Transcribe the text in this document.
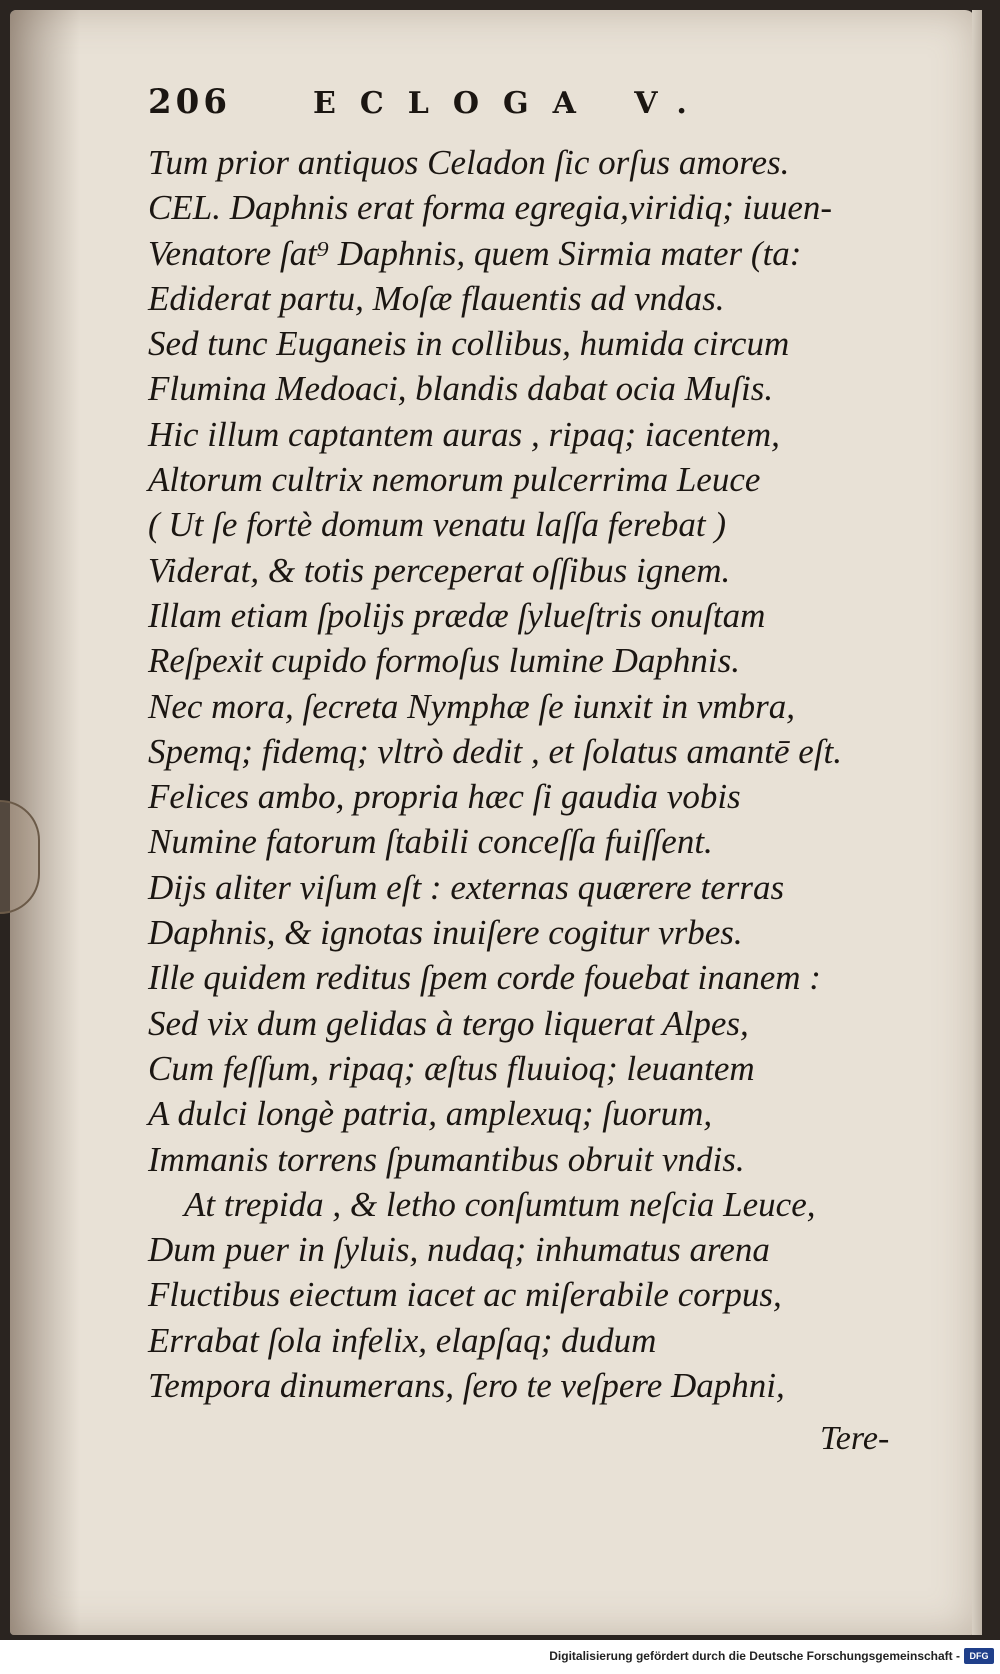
206	ECLOGA V.
Tum prior antiquos Celadon ſic orſus amores.
CEL. Daphnis erat forma egregia,viridiq; iuuen-
Venatore ſat⁹ Daphnis, quem Sirmia mater (ta:
Ediderat partu, Moſæ flauentis ad vndas.
Sed tunc Euganeis in collibus, humida circum
Flumina Medoaci, blandis dabat ocia Muſis.
Hic illum captantem auras , ripaq; iacentem,
Altorum cultrix nemorum pulcerrima Leuce
( Ut ſe fortè domum venatu laſſa ferebat )
Viderat, & totis perceperat oſſibus ignem.
Illam etiam ſpolijs prædæ ſylueſtris onuſtam
Reſpexit cupido formoſus lumine Daphnis.
Nec mora, ſecreta Nymphæ ſe iunxit in vmbra,
Spemq; fidemq; vltrò dedit , et ſolatus amantē eſt.
Felices ambo, propria hæc ſi gaudia vobis
Numine fatorum ſtabili conceſſa fuiſſent.
Dijs aliter viſum eſt : externas quærere terras
Daphnis, & ignotas inuiſere cogitur vrbes.
Ille quidem reditus ſpem corde fouebat inanem :
Sed vix dum gelidas à tergo liquerat Alpes,
Cum feſſum, ripaq; æſtus fluuioq; leuantem
A dulci longè patria, amplexuq; ſuorum,
Immanis torrens ſpumantibus obruit vndis.
At trepida , & letho conſumtum neſcia Leuce,
Dum puer in ſyluis, nudaq; inhumatus arena
Fluctibus eiectum iacet ac miſerabile corpus,
Errabat ſola infelix, elapſaq; dudum
Tempora dinumerans, ſero te veſpere Daphni,
Tere-
Digitalisierung gefördert durch die Deutsche Forschungsgemeinschaft -	DFG
